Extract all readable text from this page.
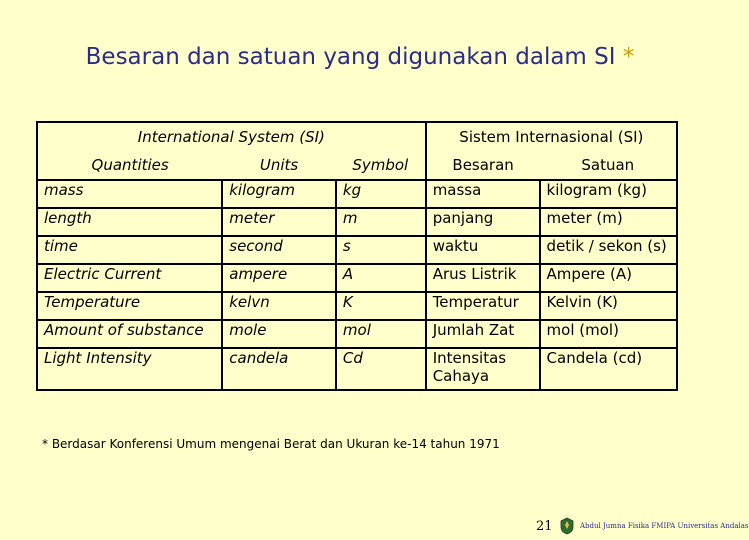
Besaran dan satuan yang digunakan dalam SI *
International System (SI)			Sistem Internasional (SI)	
Quantities	Units	Symbol	Besaran	Satuan
mass	kilogram	kg	massa	kilogram (kg)
length	meter	m	panjang	meter (m)
time	second	s	waktu	detik / sekon (s)
Electric Current	ampere	A	Arus Listrik	Ampere (A)
Temperature	kelvn	K	Temperatur	Kelvin (K)
Amount of substance	mole	mol	Jumlah Zat	mol (mol)
Light Intensity	candela	Cd	Intensitas Cahaya	Candela (cd)
* Berdasar Konferensi Umum mengenai Berat dan Ukuran ke-14 tahun 1971
21	Abdul Jumna Fisika FMIPA Universitas Andalas
